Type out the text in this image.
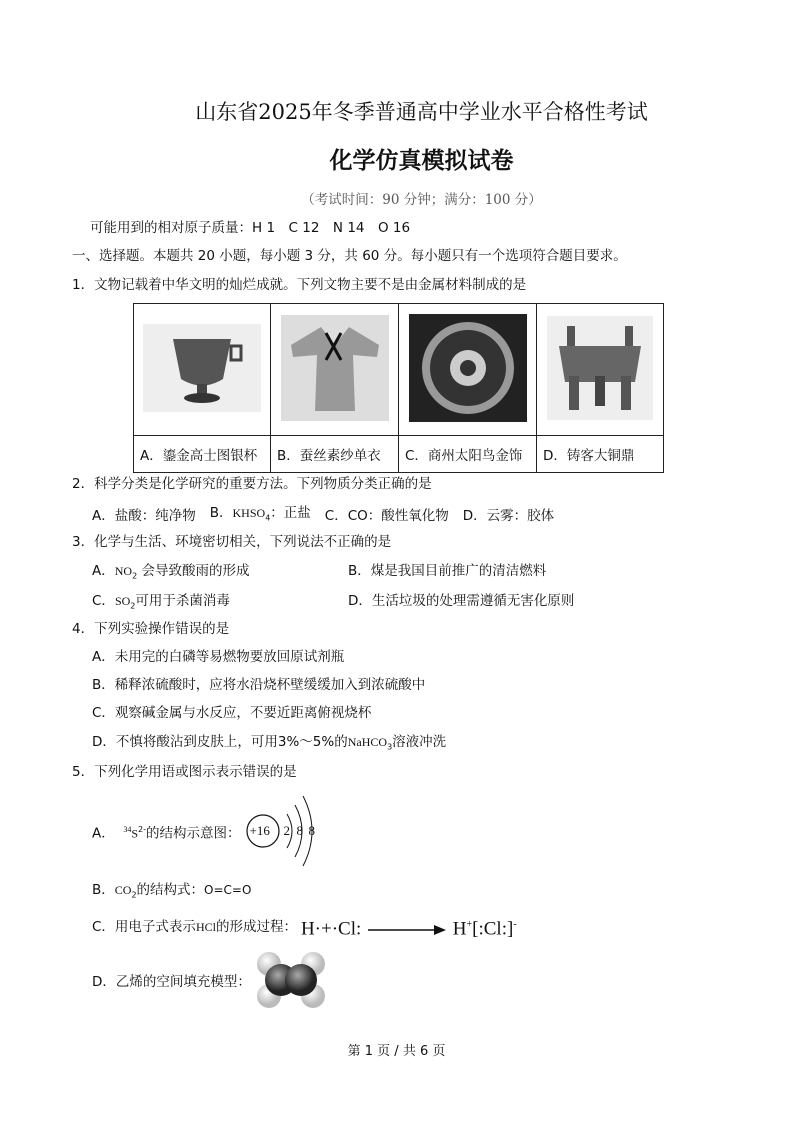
山东省2025年冬季普通高中学业水平合格性考试
化学仿真模拟试卷
（考试时间：90 分钟；满分：100 分）
可能用到的相对原子质量：H 1　C 12　N 14　O 16
一、选择题。本题共 20 小题，每小题 3 分，共 60 分。每小题只有一个选项符合题目要求。
1．文物记载着中华文明的灿烂成就。下列文物主要不是由金属材料制成的是

A．鎏金高士图银杯	B．蚕丝素纱单衣	C．商州太阳鸟金饰	D．铸客大铜鼎
2．科学分类是化学研究的重要方法。下列物质分类正确的是
A．盐酸：纯净物 B．$KHSO_4$：正盐 C．CO：酸性氧化物 D．云雾：胶体
3．化学与生活、环境密切相关，下列说法不正确的是
A．$NO_2$ 会导致酸雨的形成	B．煤是我国目前推广的清洁燃料
C．$SO_2$可用于杀菌消毒	D．生活垃圾的处理需遵循无害化原则
4．下列实验操作错误的是
A．未用完的白磷等易燃物要放回原试剂瓶
B．稀释浓硫酸时，应将水沿烧杯壁缓缓加入到浓硫酸中
C．观察碱金属与水反应，不要近距离俯视烧杯
D．不慎将酸沾到皮肤上，可用3%～5%的NaHCO$_3$溶液冲洗
5．下列化学用语或图示表示错误的是
A． $^{34}S^{2-}$的结构示意图： +16 2 8 8
B．$CO_2$的结构式：O=C=O
C．用电子式表示HCl的形成过程： H·+·Cl:	H+[:Cl:]-
D．乙烯的空间填充模型：
第 1 页 / 共 6 页
